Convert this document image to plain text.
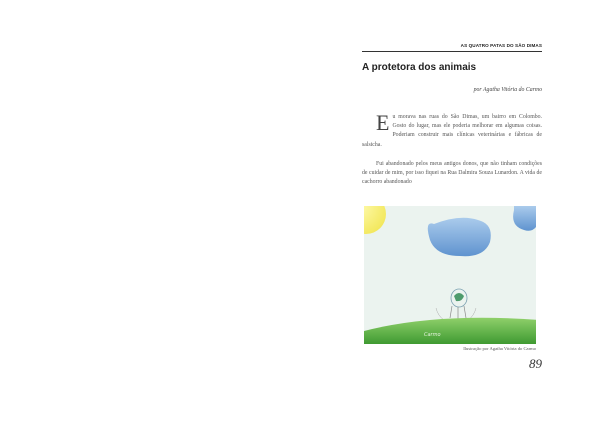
AS QUATRO PATAS DO SÃO DIMAS
A protetora dos animais
por Agatha Vitória do Carmo

Eu morava nas ruas do São Dimas, um bairro em Colombo. Gosto do lugar, mas ele poderia melhorar em algumas coisas. Poderiam construir mais clínicas veterinárias e fábricas de salsicha.

Fui abandonado pelos meus antigos donos, que não tinham condições de cuidar de mim, por isso fiquei na Rua Dalmira Souza Lunardon. A vida de cachorro abandonado

Carmo
Ilustração por Agatha Vitória do Carmo
89
